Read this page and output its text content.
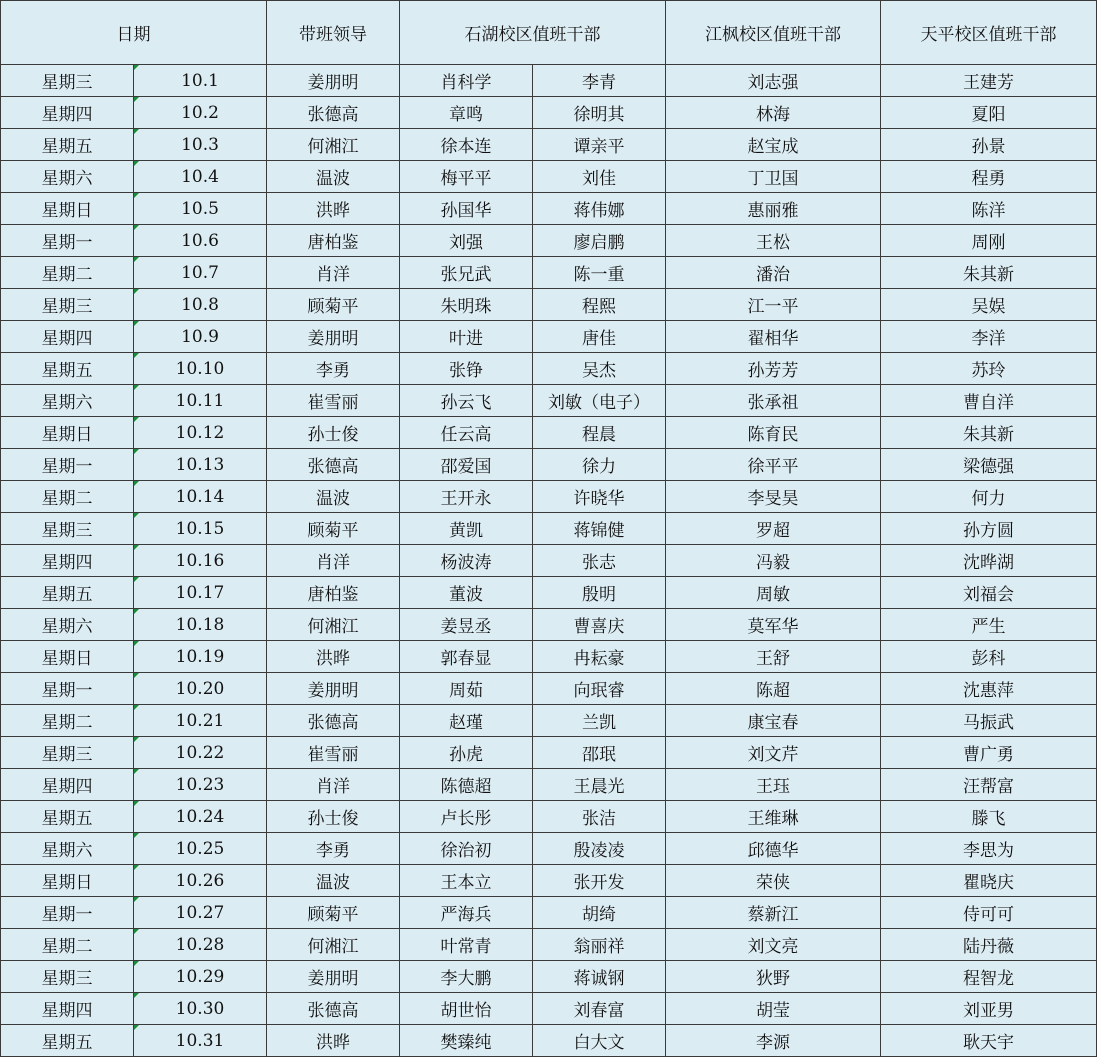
日期		带班领导	石湖校区值班干部		江枫校区值班干部	天平校区值班干部
星期三	10.1	姜朋明	肖科学	李青	刘志强	王建芳
星期四	10.2	张德高	章鸣	徐明其	林海	夏阳
星期五	10.3	何湘江	徐本连	谭亲平	赵宝成	孙景
星期六	10.4	温波	梅平平	刘佳	丁卫国	程勇
星期日	10.5	洪晔	孙国华	蒋伟娜	惠丽雅	陈洋
星期一	10.6	唐柏鉴	刘强	廖启鹏	王松	周刚
星期二	10.7	肖洋	张兄武	陈一重	潘治	朱其新
星期三	10.8	顾菊平	朱明珠	程熙	江一平	吴娱
星期四	10.9	姜朋明	叶进	唐佳	翟相华	李洋
星期五	10.10	李勇	张铮	吴杰	孙芳芳	苏玲
星期六	10.11	崔雪丽	孙云飞	刘敏（电子）	张承祖	曹自洋
星期日	10.12	孙士俊	任云高	程晨	陈育民	朱其新
星期一	10.13	张德高	邵爱国	徐力	徐平平	梁德强
星期二	10.14	温波	王开永	许晓华	李旻昊	何力
星期三	10.15	顾菊平	黄凯	蒋锦健	罗超	孙方圆
星期四	10.16	肖洋	杨波涛	张志	冯毅	沈晔湖
星期五	10.17	唐柏鉴	董波	殷明	周敏	刘福会
星期六	10.18	何湘江	姜昱丞	曹喜庆	莫军华	严生
星期日	10.19	洪晔	郭春显	冉耘豪	王舒	彭科
星期一	10.20	姜朋明	周茹	向珉睿	陈超	沈惠萍
星期二	10.21	张德高	赵瑾	兰凯	康宝春	马振武
星期三	10.22	崔雪丽	孙虎	邵珉	刘文芹	曹广勇
星期四	10.23	肖洋	陈德超	王晨光	王珏	汪帮富
星期五	10.24	孙士俊	卢长彤	张洁	王维琳	滕飞
星期六	10.25	李勇	徐治初	殷凌凌	邱德华	李思为
星期日	10.26	温波	王本立	张开发	荣侠	瞿晓庆
星期一	10.27	顾菊平	严海兵	胡绮	蔡新江	侍可可
星期二	10.28	何湘江	叶常青	翁丽祥	刘文亮	陆丹薇
星期三	10.29	姜朋明	李大鹏	蒋诚钢	狄野	程智龙
星期四	10.30	张德高	胡世怡	刘春富	胡莹	刘亚男
星期五	10.31	洪晔	樊臻纯	白大文	李源	耿天宇
